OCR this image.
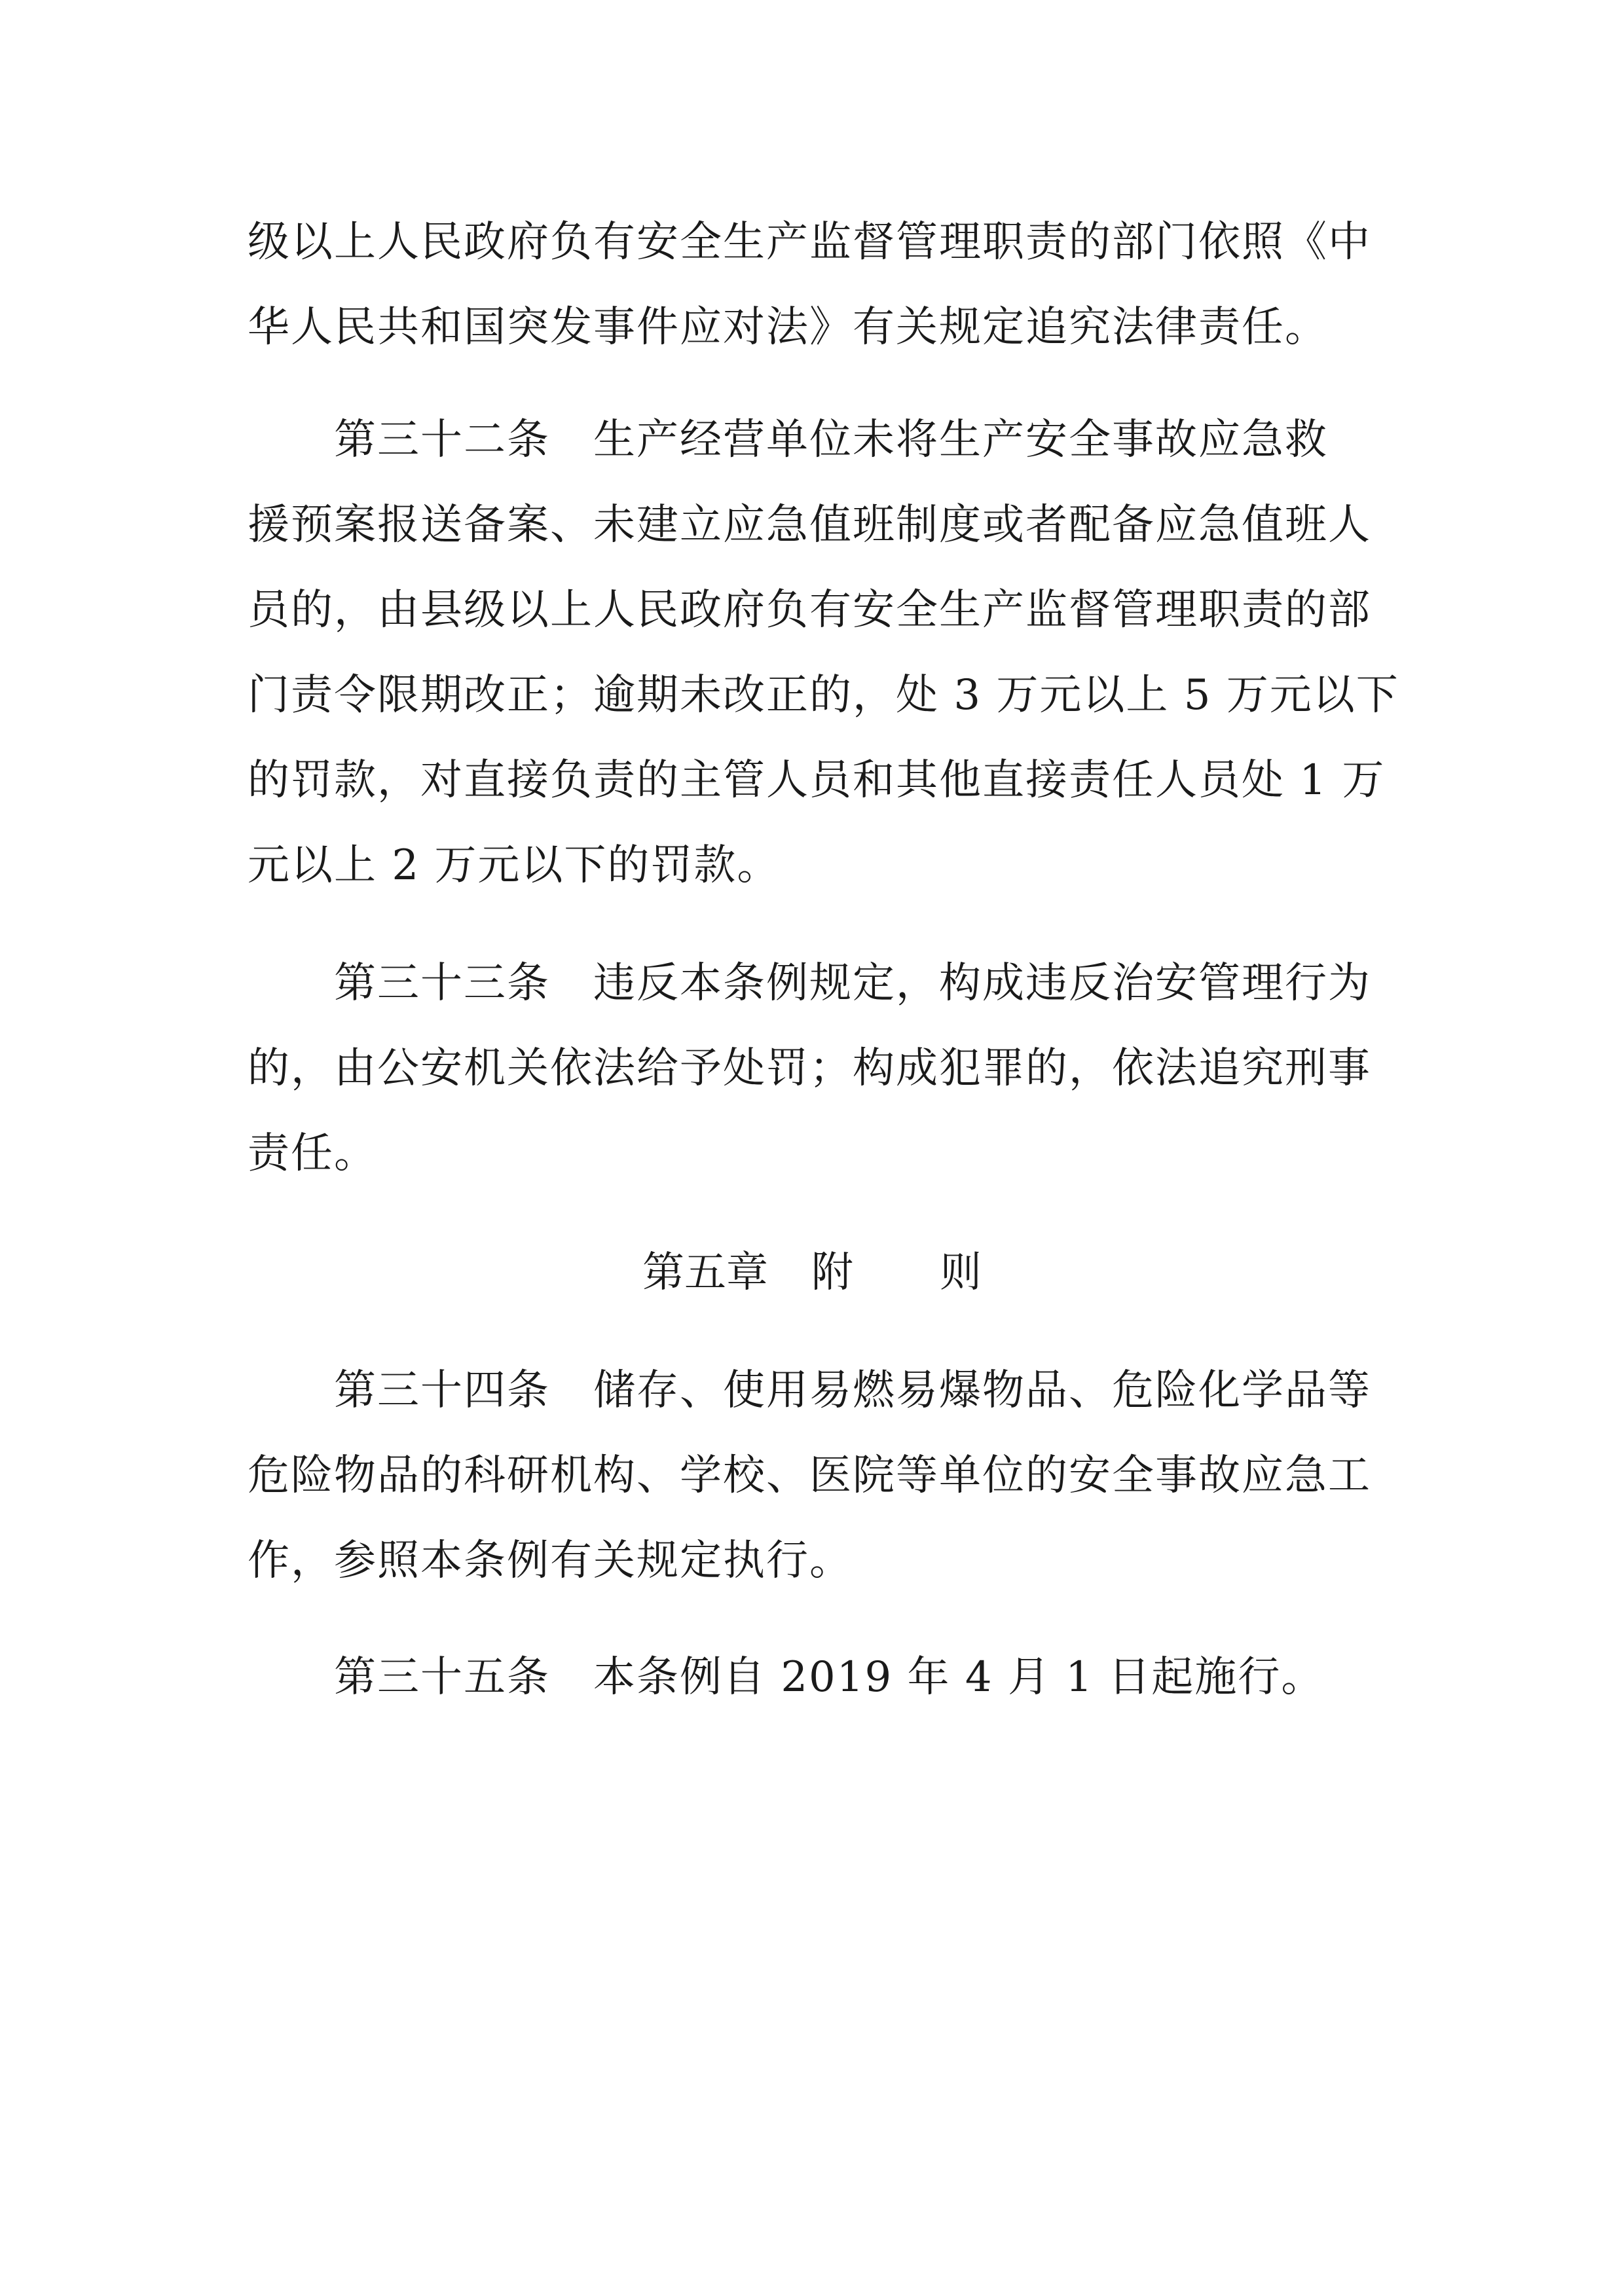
级以上人民政府负有安全生产监督管理职责的部门依照《中
华人民共和国突发事件应对法》有关规定追究法律责任。
第三十二条 生产经营单位未将生产安全事故应急救
援预案报送备案、未建立应急值班制度或者配备应急值班人
员的，由县级以上人民政府负有安全生产监督管理职责的部
门责令限期改正；逾期未改正的，处 3 万元以上 5 万元以下
的罚款，对直接负责的主管人员和其他直接责任人员处 1 万
元以上 2 万元以下的罚款。
第三十三条 违反本条例规定，构成违反治安管理行为
的，由公安机关依法给予处罚；构成犯罪的，依法追究刑事
责任。
第五章 附 则
第三十四条 储存、使用易燃易爆物品、危险化学品等
危险物品的科研机构、学校、医院等单位的安全事故应急工
作，参照本条例有关规定执行。
第三十五条 本条例自 2019 年 4 月 1 日起施行。
